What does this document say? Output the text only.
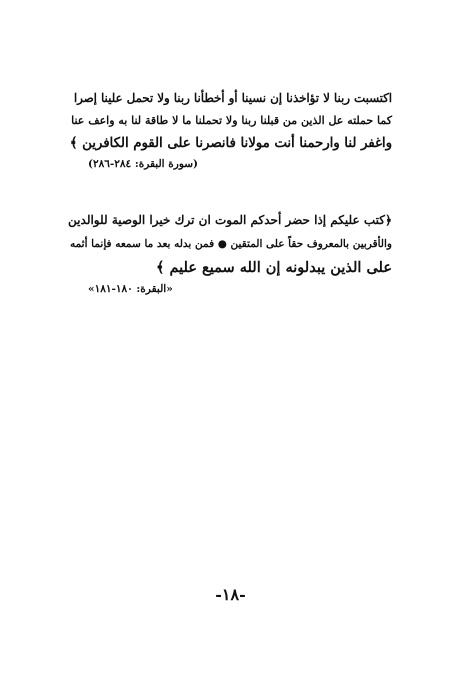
اكتسبت ربنا لا تؤاخذنا إن نسينا أو أخطأنا ربنا ولا تحمل علينا إصرا
كما حملته عل الذين من قبلنا ربنا ولا تحملنا ما لا طاقة لنا به واعف عنا
واغفر لنا وارحمنا أنت مولانا فانصرنا على القوم الكافرين ﴾
(سورة البقرة: ٢٨٤-٢٨٦)
﴿كتب عليكم إذا حضر أحدكم الموت ان ترك خيرا الوصية للوالدين
والأقربين بالمعروف حقاً على المتقين ● فمن بدله بعد ما سمعه فإنما أثمه
على الذين يبدلونه إن الله سميع عليم ﴾
«البقرة: ١٨٠-١٨١»
-١٨-
